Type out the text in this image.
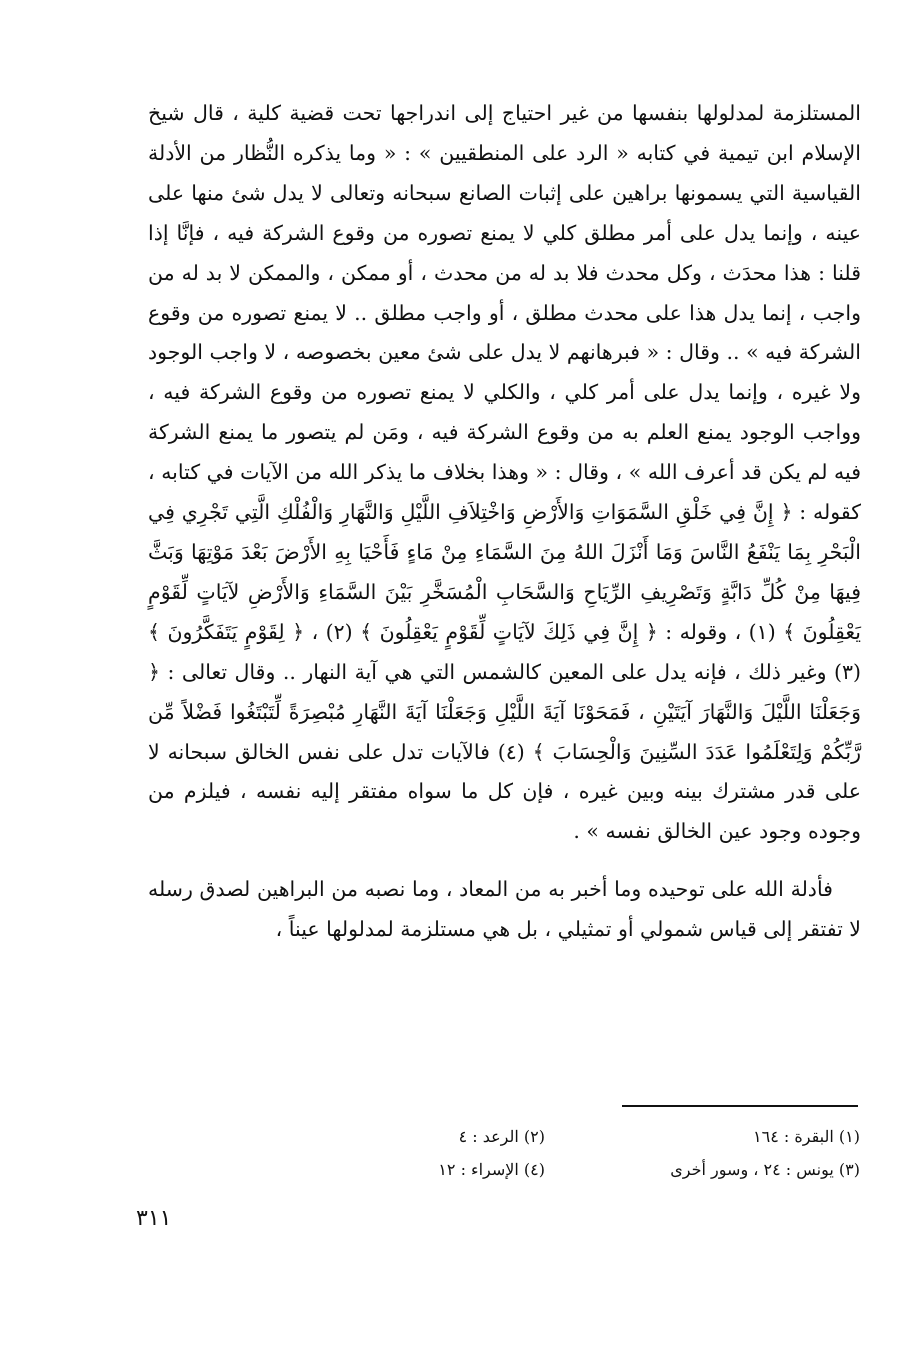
المستلزمة لمدلولها بنفسها من غير احتياج إلى اندراجها تحت قضية كلية ، قال شيخ الإسلام ابن تيمية في كتابه « الرد على المنطقيين » : « وما يذكره النُّظار من الأدلة القياسية التي يسمونها براهين على إثبات الصانع سبحانه وتعالى لا يدل شئ منها على عينه ، وإنما يدل على أمر مطلق كلي لا يمنع تصوره من وقوع الشركة فيه ، فإنَّا إذا قلنا : هذا محدَث ، وكل محدث فلا بد له من محدث ، أو ممكن ، والممكن لا بد له من واجب ، إنما يدل هذا على محدث مطلق ، أو واجب مطلق .. لا يمنع تصوره من وقوع الشركة فيه » .. وقال : « فبرهانهم لا يدل على شئ معين بخصوصه ، لا واجب الوجود ولا غيره ، وإنما يدل على أمر كلي ، والكلي لا يمنع تصوره من وقوع الشركة فيه ، وواجب الوجود يمنع العلم به من وقوع الشركة فيه ، ومَن لم يتصور ما يمنع الشركة فيه لم يكن قد أعرف الله » ، وقال : « وهذا بخلاف ما يذكر الله من الآيات في كتابه ، كقوله : ﴿ إِنَّ فِي خَلْقِ السَّمَوَاتِ وَالأَرْضِ وَاخْتِلاَفِ اللَّيْلِ وَالنَّهَارِ وَالْفُلْكِ الَّتِي تَجْرِي فِي الْبَحْرِ بِمَا يَنْفَعُ النَّاسَ وَمَا أَنْزَلَ اللهُ مِنَ السَّمَاءِ مِنْ مَاءٍ فَأَحْيَا بِهِ الأَرْضَ بَعْدَ مَوْتِهَا وَبَثَّ فِيهَا مِنْ كُلِّ دَابَّةٍ وَتَصْرِيفِ الرِّيَاحِ وَالسَّحَابِ الْمُسَخَّرِ بَيْنَ السَّمَاءِ وَالأَرْضِ لآيَاتٍ لِّقَوْمٍ يَعْقِلُونَ ﴾ (١) ، وقوله : ﴿ إِنَّ فِي ذَلِكَ لآيَاتٍ لِّقَوْمٍ يَعْقِلُونَ ﴾ (٢) ، ﴿ لِقَوْمٍ يَتَفَكَّرُونَ ﴾ (٣) وغير ذلك ، فإنه يدل على المعين كالشمس التي هي آية النهار .. وقال تعالى : ﴿ وَجَعَلْنَا اللَّيْلَ وَالنَّهَارَ آيَتَيْنِ ، فَمَحَوْنَا آيَةَ اللَّيْلِ وَجَعَلْنَا آيَةَ النَّهَارِ مُبْصِرَةً لِّتَبْتَغُوا فَضْلاً مِّن رَّبِّكُمْ وَلِتَعْلَمُوا عَدَدَ السِّنِينَ وَالْحِسَابَ ﴾ (٤) فالآيات تدل على نفس الخالق سبحانه لا على قدر مشترك بينه وبين غيره ، فإن كل ما سواه مفتقر إليه نفسه ، فيلزم من وجوده وجود عين الخالق نفسه » .

فأدلة الله على توحيده وما أخبر به من المعاد ، وما نصبه من البراهين لصدق رسله لا تفتقر إلى قياس شمولي أو تمثيلي ، بل هي مستلزمة لمدلولها عيناً ،

(١) البقرة : ١٦٤
(٢) الرعد : ٤
(٣) يونس : ٢٤ ، وسور أخرى
(٤) الإسراء : ١٢
٣١١
